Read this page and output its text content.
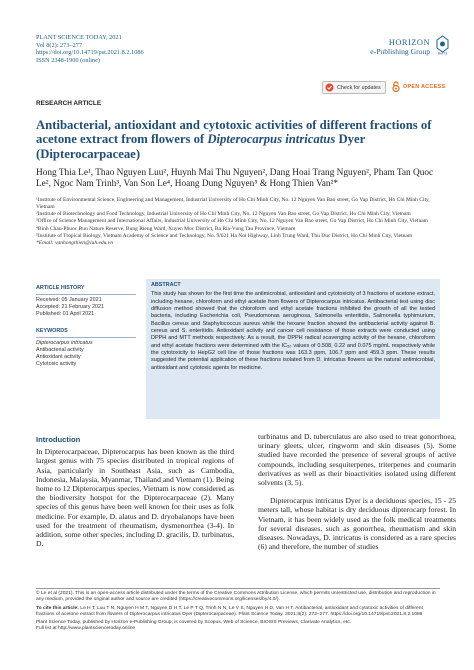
PLANT SCIENCE TODAY, 2021
Vol 8(2): 273–277
https://doi.org/10.14719/pst.2021.8.2.1086
ISSN 2348-1900 (online)
HORIZON
e-Publishing Group HePG
Check for updates	OPEN ACCESS
RESEARCH ARTICLE
Antibacterial, antioxidant and cytotoxic activities of different fractions of acetone extract from flowers of Dipterocarpus intricatus Dyer (Dipterocarpaceae)
Hong Thia Le¹, Thao Nguyen Luu², Huynh Mai Thu Nguyen², Dang Hoai Trang Nguyen², Pham Tan Quoc Le², Ngoc Nam Trinh³, Van Son Le⁴, Hoang Dung Nguyen⁵ & Hong Thien Van²*
¹Institute of Environmental Science, Engineering and Management, Industrial University of Ho Chi Minh City, No. 12 Nguyen Van Bao street, Go Vap District, Ho Chi Minh City, Vietnam
²Institute of Biotechnology and Food Technology, Industrial University of Ho Chi Minh City, No. 12 Nguyen Van Bao street, Go Vap District, Ho Chi Minh City, Vietnam
³Office of Science Management and International Affairs, Industrial University of Ho Chi Minh City, No. 12 Nguyen Van Bao street, Go Vap District, Ho Chi Minh City, Vietnam
⁴Binh Chau-Phuoc Buu Nature Reserve, Bung Rieng Ward, Xuyen Moc District, Ba Ria-Vung Tau Province, Vietnam
⁵Institute of Tropical Biology, Vietnam Academy of Science and Technology, No. 9/621 Ha Noi Highway, Linh Trung Ward, Thu Duc District, Ho Chi Minh City, Vietnam
*Email: vanhongthien@iuh.edu.vn
ARTICLE HISTORY
Received: 05 January 2021
Accepted: 21 February 2021
Published: 01 April 2021
KEYWORDS
Dipterocarpus intricatus
Antibacterial activity
Antioxidant activity
Cytotoxic activity
ABSTRACT
This study has shown for the first time the antimicrobial, antioxidant and cytotoxicity of 3 fractions of acetone extract, including hexane, chloroform and ethyl acetate from flowers of Dipterocarpus intricatus. Antibacterial test using disc diffusion method showed that the chloroform and ethyl acetate fractions inhibited the growth of all the tested bacteria, including Escherichia coli, Pseudomonas aeruginosa, Salmonella enteritidis, Salmonella typhimurium, Bacillus cereus and Staphylococcus aureus while the hexane fraction showed the antibacterial activity against B. cereus and S. enteritidis. Antioxidant activity and cancer cell resistance of those extracts were conducted using DPPH and MTT methods respectively. As a result, the DPPH radical scavenging activity of the hexane, chloroform and ethyl acetate fractions were determined with the IC₅₀ values of 0.508, 0.22 and 0.075 mg/mL respectively while the cytotoxicity to HepG2 cell line of those fractions was 163.3 ppm, 106.7 ppm and 459.3 ppm. These results suggested the potential application of these fractions isolated from D. intricatus flowers as the natural antimicrobial, antioxidant and cytotoxic agents for medicine.
Introduction

In Dipterocarpaceae, Dipterocarpus has been known as the third largest genus with 75 species distributed in tropical regions of Asia, particularly in Southeast Asia, such as Cambodia, Indonesia, Malaysia, Myanmar, Thailand and Vietnam (1). Being home to 12 Dipterocarpus species, Vietnam is now considered as the biodiversity hotspot for the Dipterocarpaceae (2). Many species of this genus have been well known for their uses as folk medicine. For example, D. alatus and D. dryobalanops have been used for the treatment of rheumatism, dysmenorrhea (3-4). In addition, some other species, including D. gracilis, D. turbinatus, D.

turbinatus and D. tuberculatus are also used to treat gonorrhoea, urinary gleets, ulcer, ringworm and skin diseases (5). Some studied have recorded the presence of several groups of active compounds, including sesquiterpenes, triterpenes and coumarin derivatives as well as their bioactivities isolated using different solvents (3, 5).

Dipterocarpus intricatus Dyer is a deciduous species, 15 - 25 meters tall, whose habitat is dry deciduous dipterocarp forest. In Vietnam, it has been widely used as the folk medical treatments for several diseases, such as gonorrhea, rheumatism and skin diseases. Nowadays, D. intricatus is considered as a rare species (6) and therefore, the number of studies

© Le et al (2021). This is an open-access article distributed under the terms of the Creative Commons Attribution License, which permits unrestricted use, distribution and reproduction in any medium, provided the original author and source are credited (https://creativecommons.org/licenses/by/4.0/).

To cite this article: Le H T, Luu T N, Nguyen H M T, Nguyen D H T, Le P T Q, Trinh N N, Le V S, Nguyen H D, Van H T. Antibacterial, antioxidant and cytotoxic activities of different fractions of acetone extract from flowers of Dipterocarpus intricatus Dyer (Dipterocarpaceae). Plant Science Today. 2021;8(2): 273–277. https://doi.org/10.14719/pst.2021.8.2.1086

Plant Science Today, published by Horizon e-Publishing Group, is covered by Scopus, Web of Science, BIOSIS Previews, Clarivate Analytics, etc.

Full list at http://www.plantsciencetoday.online
